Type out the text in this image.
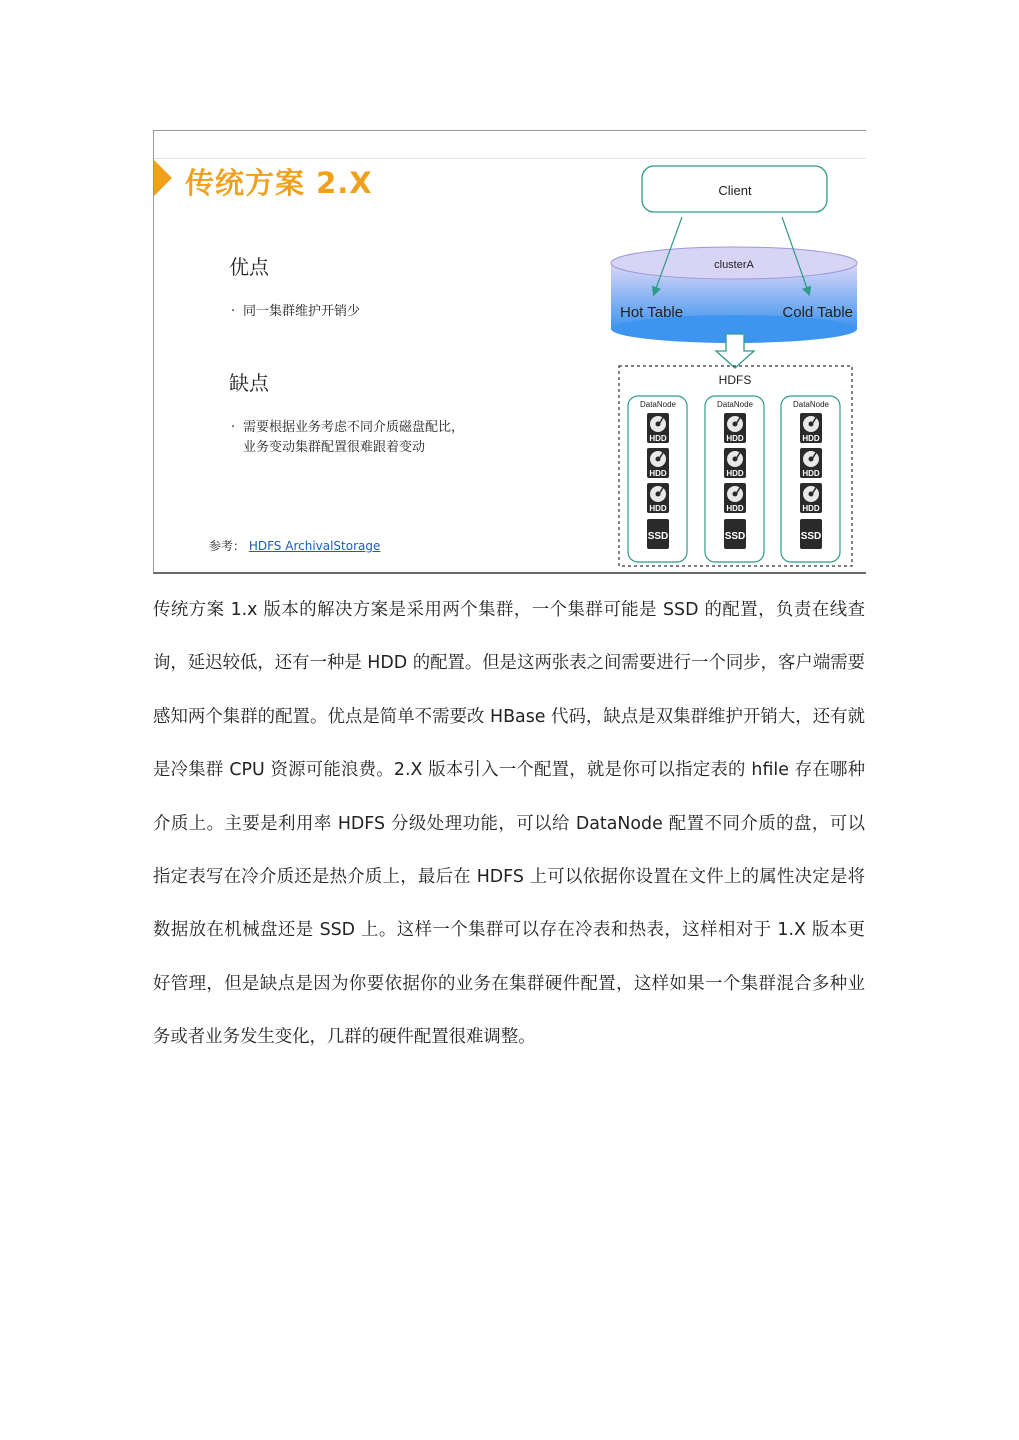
传统方案 2.X
优点
· 同一集群维护开销少
缺点
· 需要根据业务考虑不同介质磁盘配比，
业务变动集群配置很难跟着变动
参考： HDFS ArchivalStorage
Client
clusterA
Hot Table	Cold Table
HDFS
DataNode	DataNode	DataNode
HDD
HDD
HDD
SSD
HDD
HDD
HDD
SSD
HDD
HDD
HDD
SSD
传统方案 1.x 版本的解决方案是采用两个集群，一个集群可能是 SSD 的配置，负责在线查询，延迟较低，还有一种是 HDD 的配置。但是这两张表之间需要进行一个同步，客户端需要感知两个集群的配置。优点是简单不需要改 HBase 代码，缺点是双集群维护开销大，还有就是冷集群 CPU 资源可能浪费。2.X 版本引入一个配置，就是你可以指定表的 hfile 存在哪种介质上。主要是利用率 HDFS 分级处理功能，可以给 DataNode 配置不同介质的盘，可以指定表写在冷介质还是热介质上，最后在 HDFS 上可以依据你设置在文件上的属性决定是将数据放在机械盘还是 SSD 上。这样一个集群可以存在冷表和热表，这样相对于 1.X 版本更好管理，但是缺点是因为你要依据你的业务在集群硬件配置，这样如果一个集群混合多种业务或者业务发生变化，几群的硬件配置很难调整。
